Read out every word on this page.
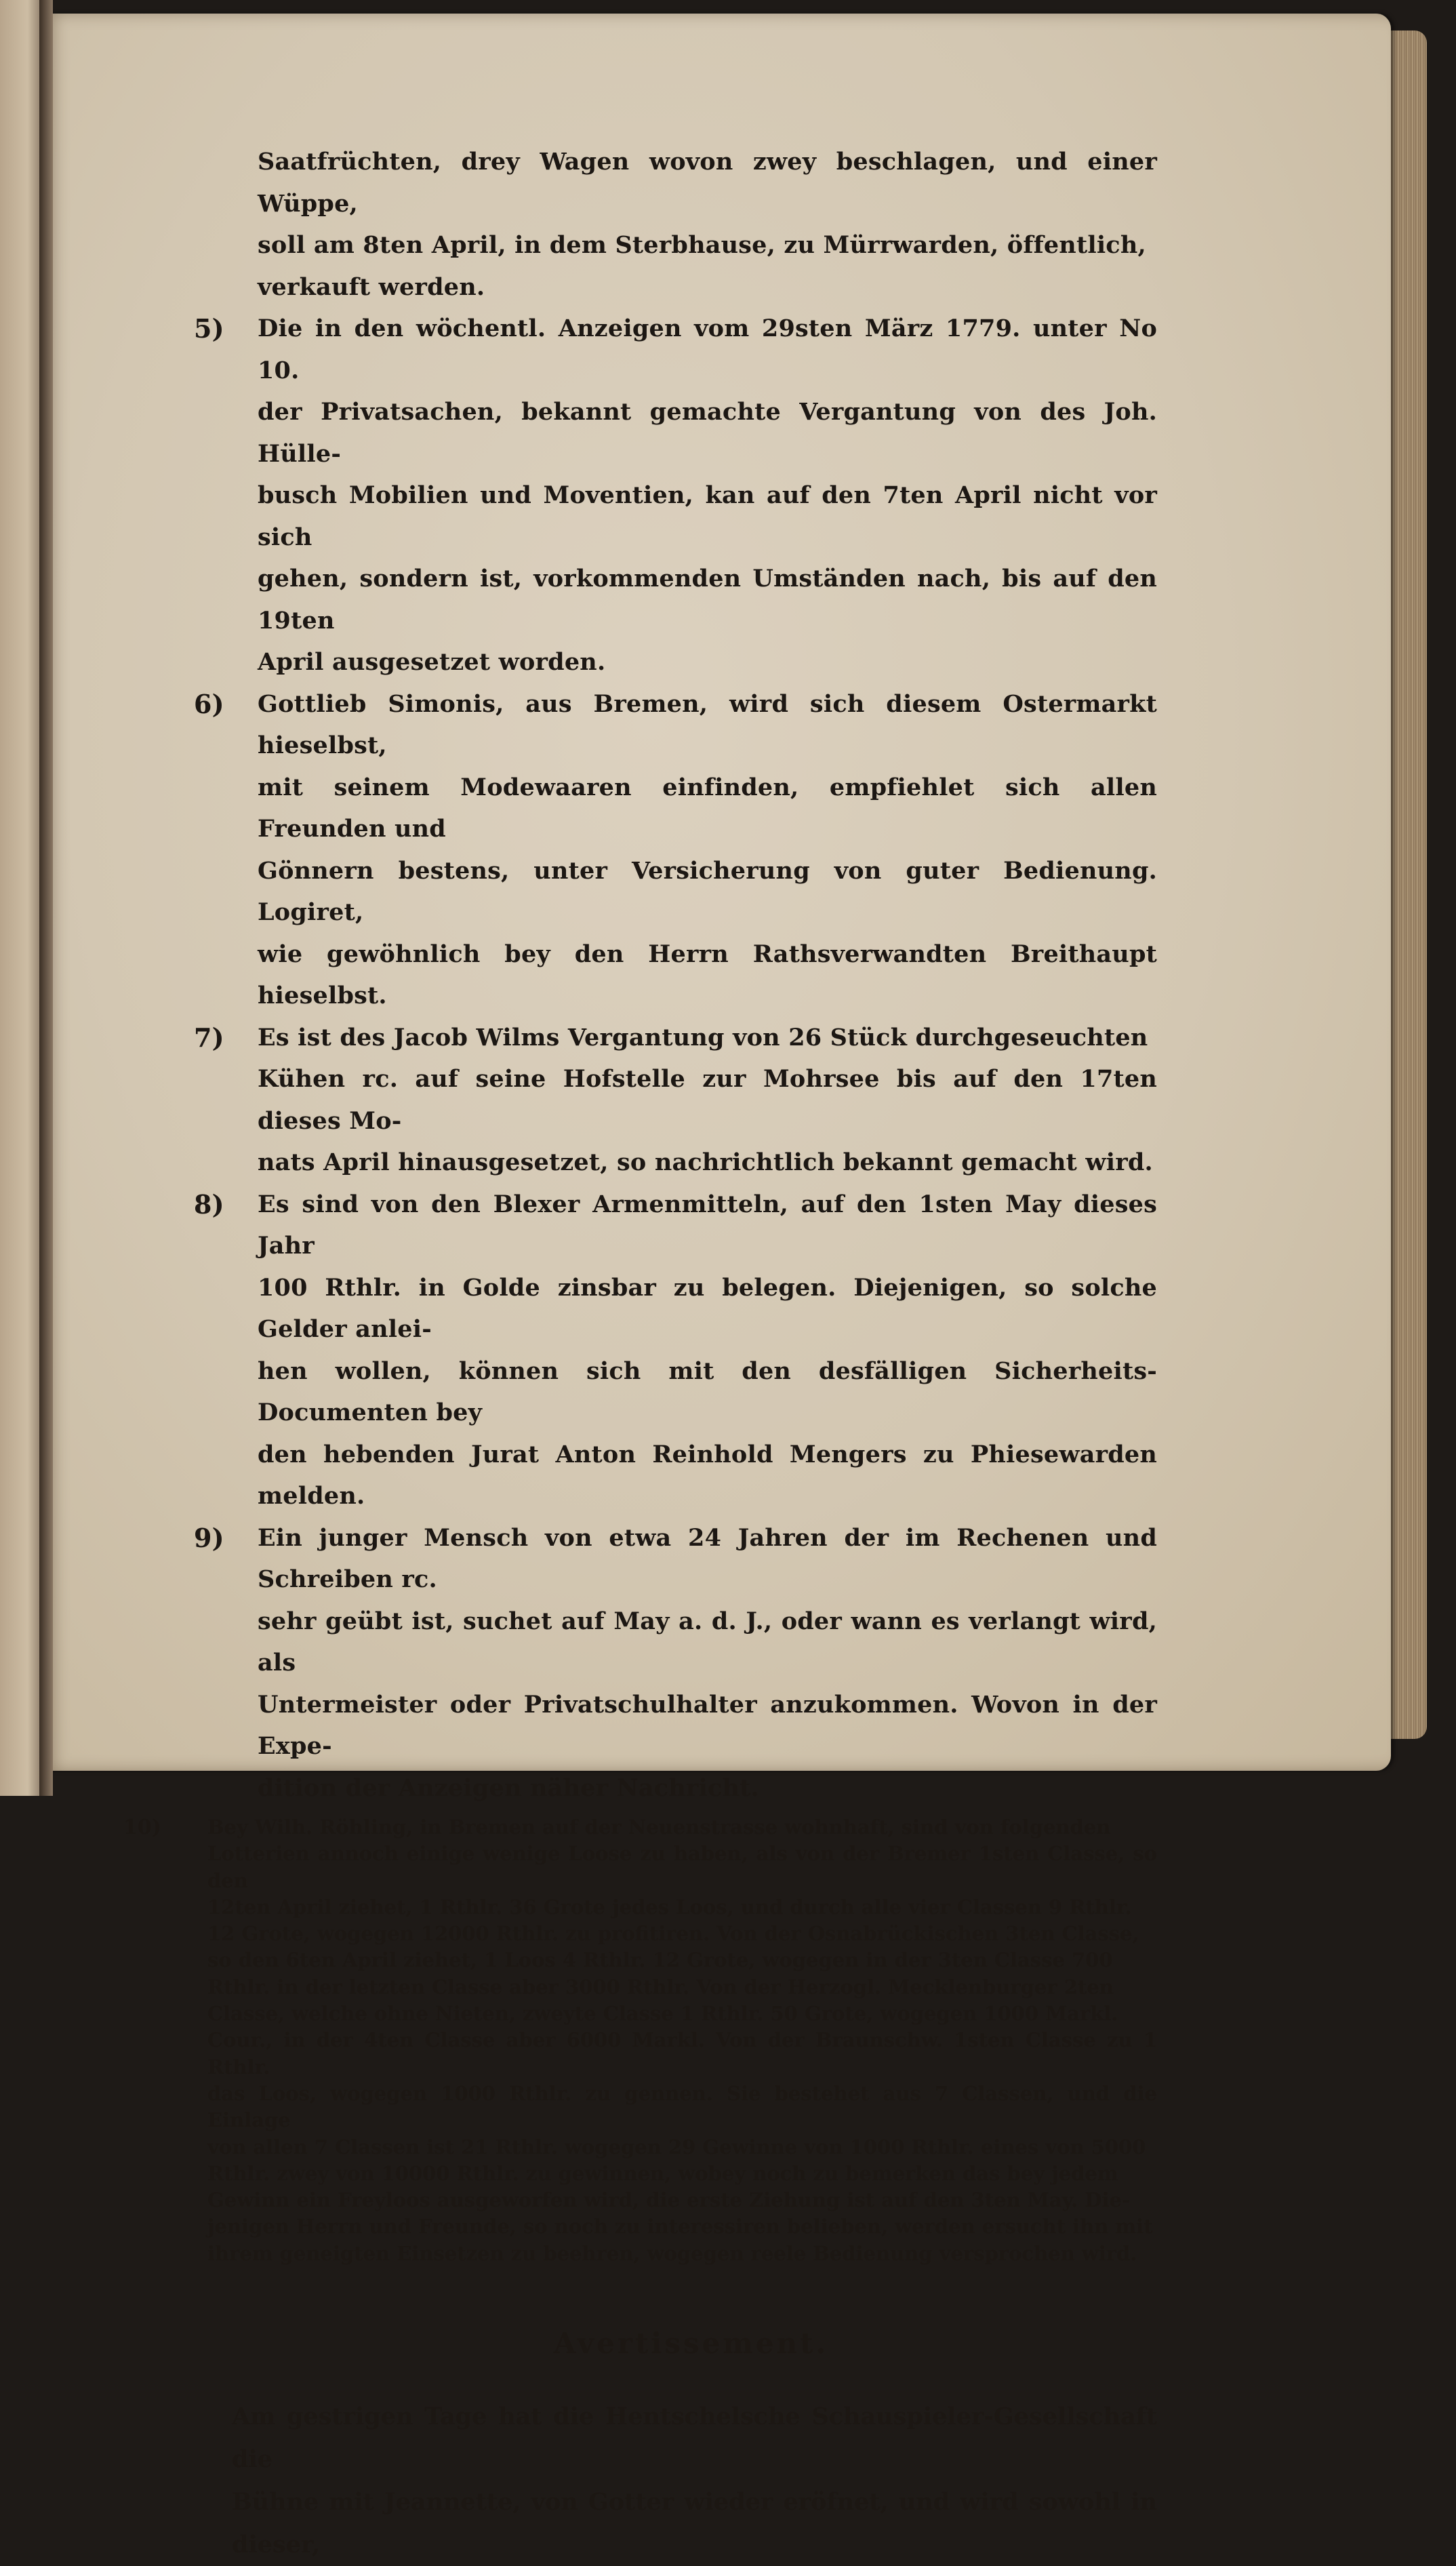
Saatfrüchten, drey Wagen wovon zwey beschlagen, und einer Wüppe,
soll am 8ten April, in dem Sterbhause, zu Mürrwarden, öffentlich,
verkauft werden.
5) Die in den wöchentl. Anzeigen vom 29sten März 1779. unter No 10.
der Privatsachen, bekannt gemachte Vergantung von des Joh. Hülle-
busch Mobilien und Moventien, kan auf den 7ten April nicht vor sich
gehen, sondern ist, vorkommenden Umständen nach, bis auf den 19ten
April ausgesetzet worden.
6) Gottlieb Simonis, aus Bremen, wird sich diesem Ostermarkt hieselbst,
mit seinem Modewaaren einfinden, empfiehlet sich allen Freunden und
Gönnern bestens, unter Versicherung von guter Bedienung. Logiret,
wie gewöhnlich bey den Herrn Rathsverwandten Breithaupt hieselbst.
7) Es ist des Jacob Wilms Vergantung von 26 Stück durchgeseuchten
Kühen rc. auf seine Hofstelle zur Mohrsee bis auf den 17ten dieses Mo-
nats April hinausgesetzet, so nachrichtlich bekannt gemacht wird.
8) Es sind von den Blexer Armenmitteln, auf den 1sten May dieses Jahr
100 Rthlr. in Golde zinsbar zu belegen. Diejenigen, so solche Gelder anlei-
hen wollen, können sich mit den desfälligen Sicherheits-Documenten bey
den hebenden Jurat Anton Reinhold Mengers zu Phiesewarden melden.
9) Ein junger Mensch von etwa 24 Jahren der im Rechenen und Schreiben rc.
sehr geübt ist, suchet auf May a. d. J., oder wann es verlangt wird, als
Untermeister oder Privatschulhalter anzukommen. Wovon in der Expe-
dition der Anzeigen näher Nachricht.
10) Bey Wilh. Röhling, in Bremen auf der Neuenstrasse wohnhaft, sind von folgenden
Lotterien annoch einige wenige Loose zu haben, als von der Bremer 1sten Classe, so den
12ten April ziehet, 1 Rthlr. 36 Grote jedes Loos, und durch alle vier Classen 9 Rthlr.
12 Grote, wogegen 12000 Rthlr. zu profitiren. Von der Osnabrückischen 3ten Classe,
so den 6ten April ziehet, 1 Loos 4 Rthlr. 12 Grote, wogegen in der 3ten Classe 700
Rthlr. in der letzten Classe aber 3000 Rthlr. Von der Herzogl. Mecklenburger 2ten
Classe, welche ohne Nieten, zweyte Classe 1 Rthlr. 50 Grote, wogegen 1000 Markl.
Cour., in der 4ten Classe aber 6000 Markl. Von der Braunschw. 1sten Classe zu 1 Rthlr.
das Loos, wogegen 1000 Rthlr. zu gennen. Sie bestehet aus 7 Classen, und die Einlage
von allen 7 Classen ist 21 Rthlr. wogegen 29 Gewinne von 1000 Rthlr. eines von 5000
Rthlr. zwey von 10000 Rthlr. zu gewinnen, wobey noch zu bemerken das bey jedem
Gewinn ein Freyloos ausgeworfen wird, die erste Ziehung ist auf den 3ten May. Die-
jenigen Herrn und Freunde, so noch zu interessiren belieben, werden ersucht ihn mit
ihrem geneigten Einsetzen zu beehren, wogegen reele Bedienung versprochen wird.
Avertissement.
Am gestrigen Tage hat die Hentschelsche Schauspieler-Gesellschaft die
Bühne mit Jeannette, von Gotter wieder eröfnet, und wird sowohl in dieser,
